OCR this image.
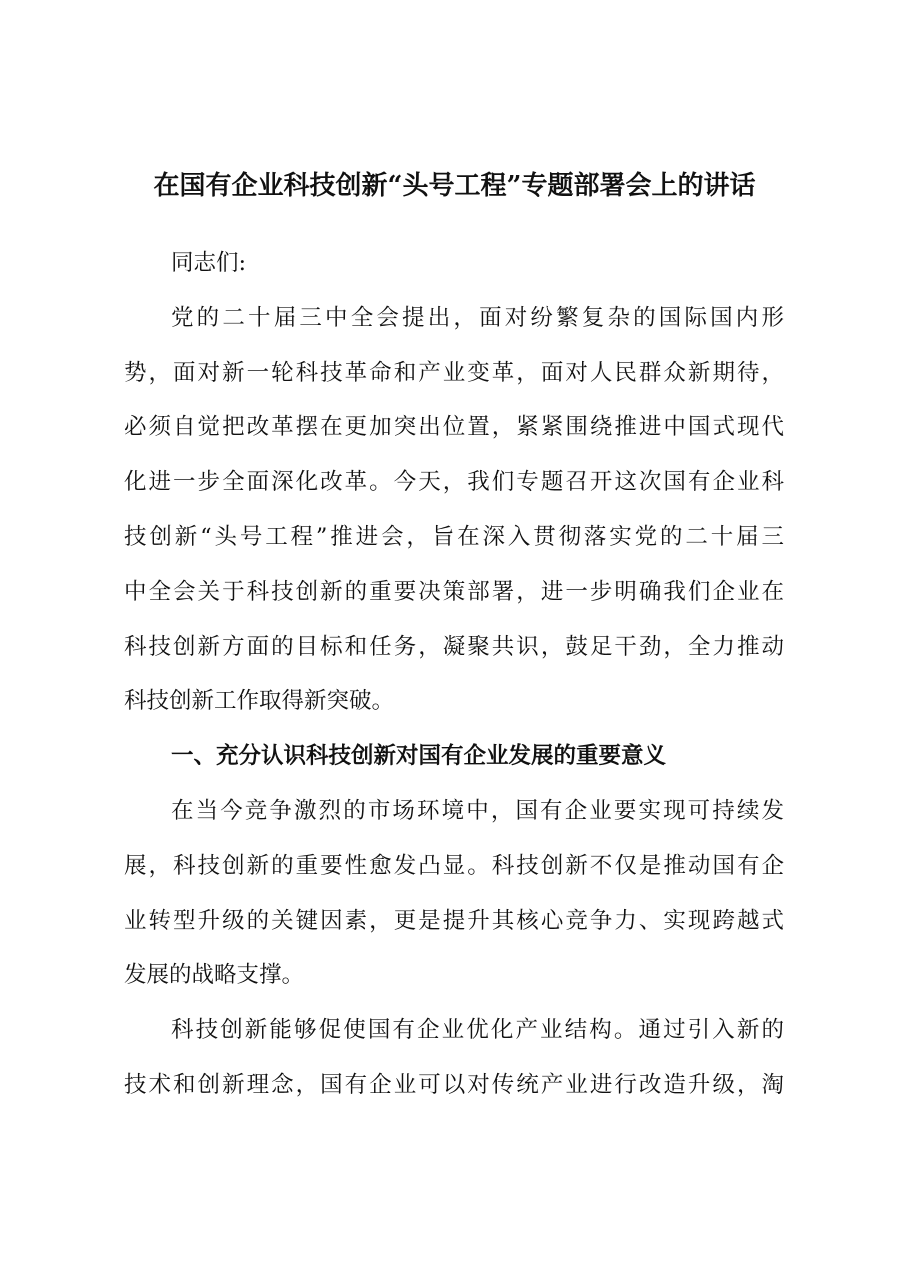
在国有企业科技创新“头号工程”专题部署会上的讲话
同志们:
党的二十届三中全会提出，面对纷繁复杂的国际国内形
势，面对新一轮科技革命和产业变革，面对人民群众新期待，
必须自觉把改革摆在更加突出位置，紧紧围绕推进中国式现代
化进一步全面深化改革。今天，我们专题召开这次国有企业科
技创新“头号工程”推进会，旨在深入贯彻落实党的二十届三
中全会关于科技创新的重要决策部署，进一步明确我们企业在
科技创新方面的目标和任务，凝聚共识，鼓足干劲，全力推动
科技创新工作取得新突破。
一、充分认识科技创新对国有企业发展的重要意义
在当今竞争激烈的市场环境中，国有企业要实现可持续发
展，科技创新的重要性愈发凸显。科技创新不仅是推动国有企
业转型升级的关键因素，更是提升其核心竞争力、实现跨越式
发展的战略支撑。
科技创新能够促使国有企业优化产业结构。通过引入新的
技术和创新理念，国有企业可以对传统产业进行改造升级，淘
